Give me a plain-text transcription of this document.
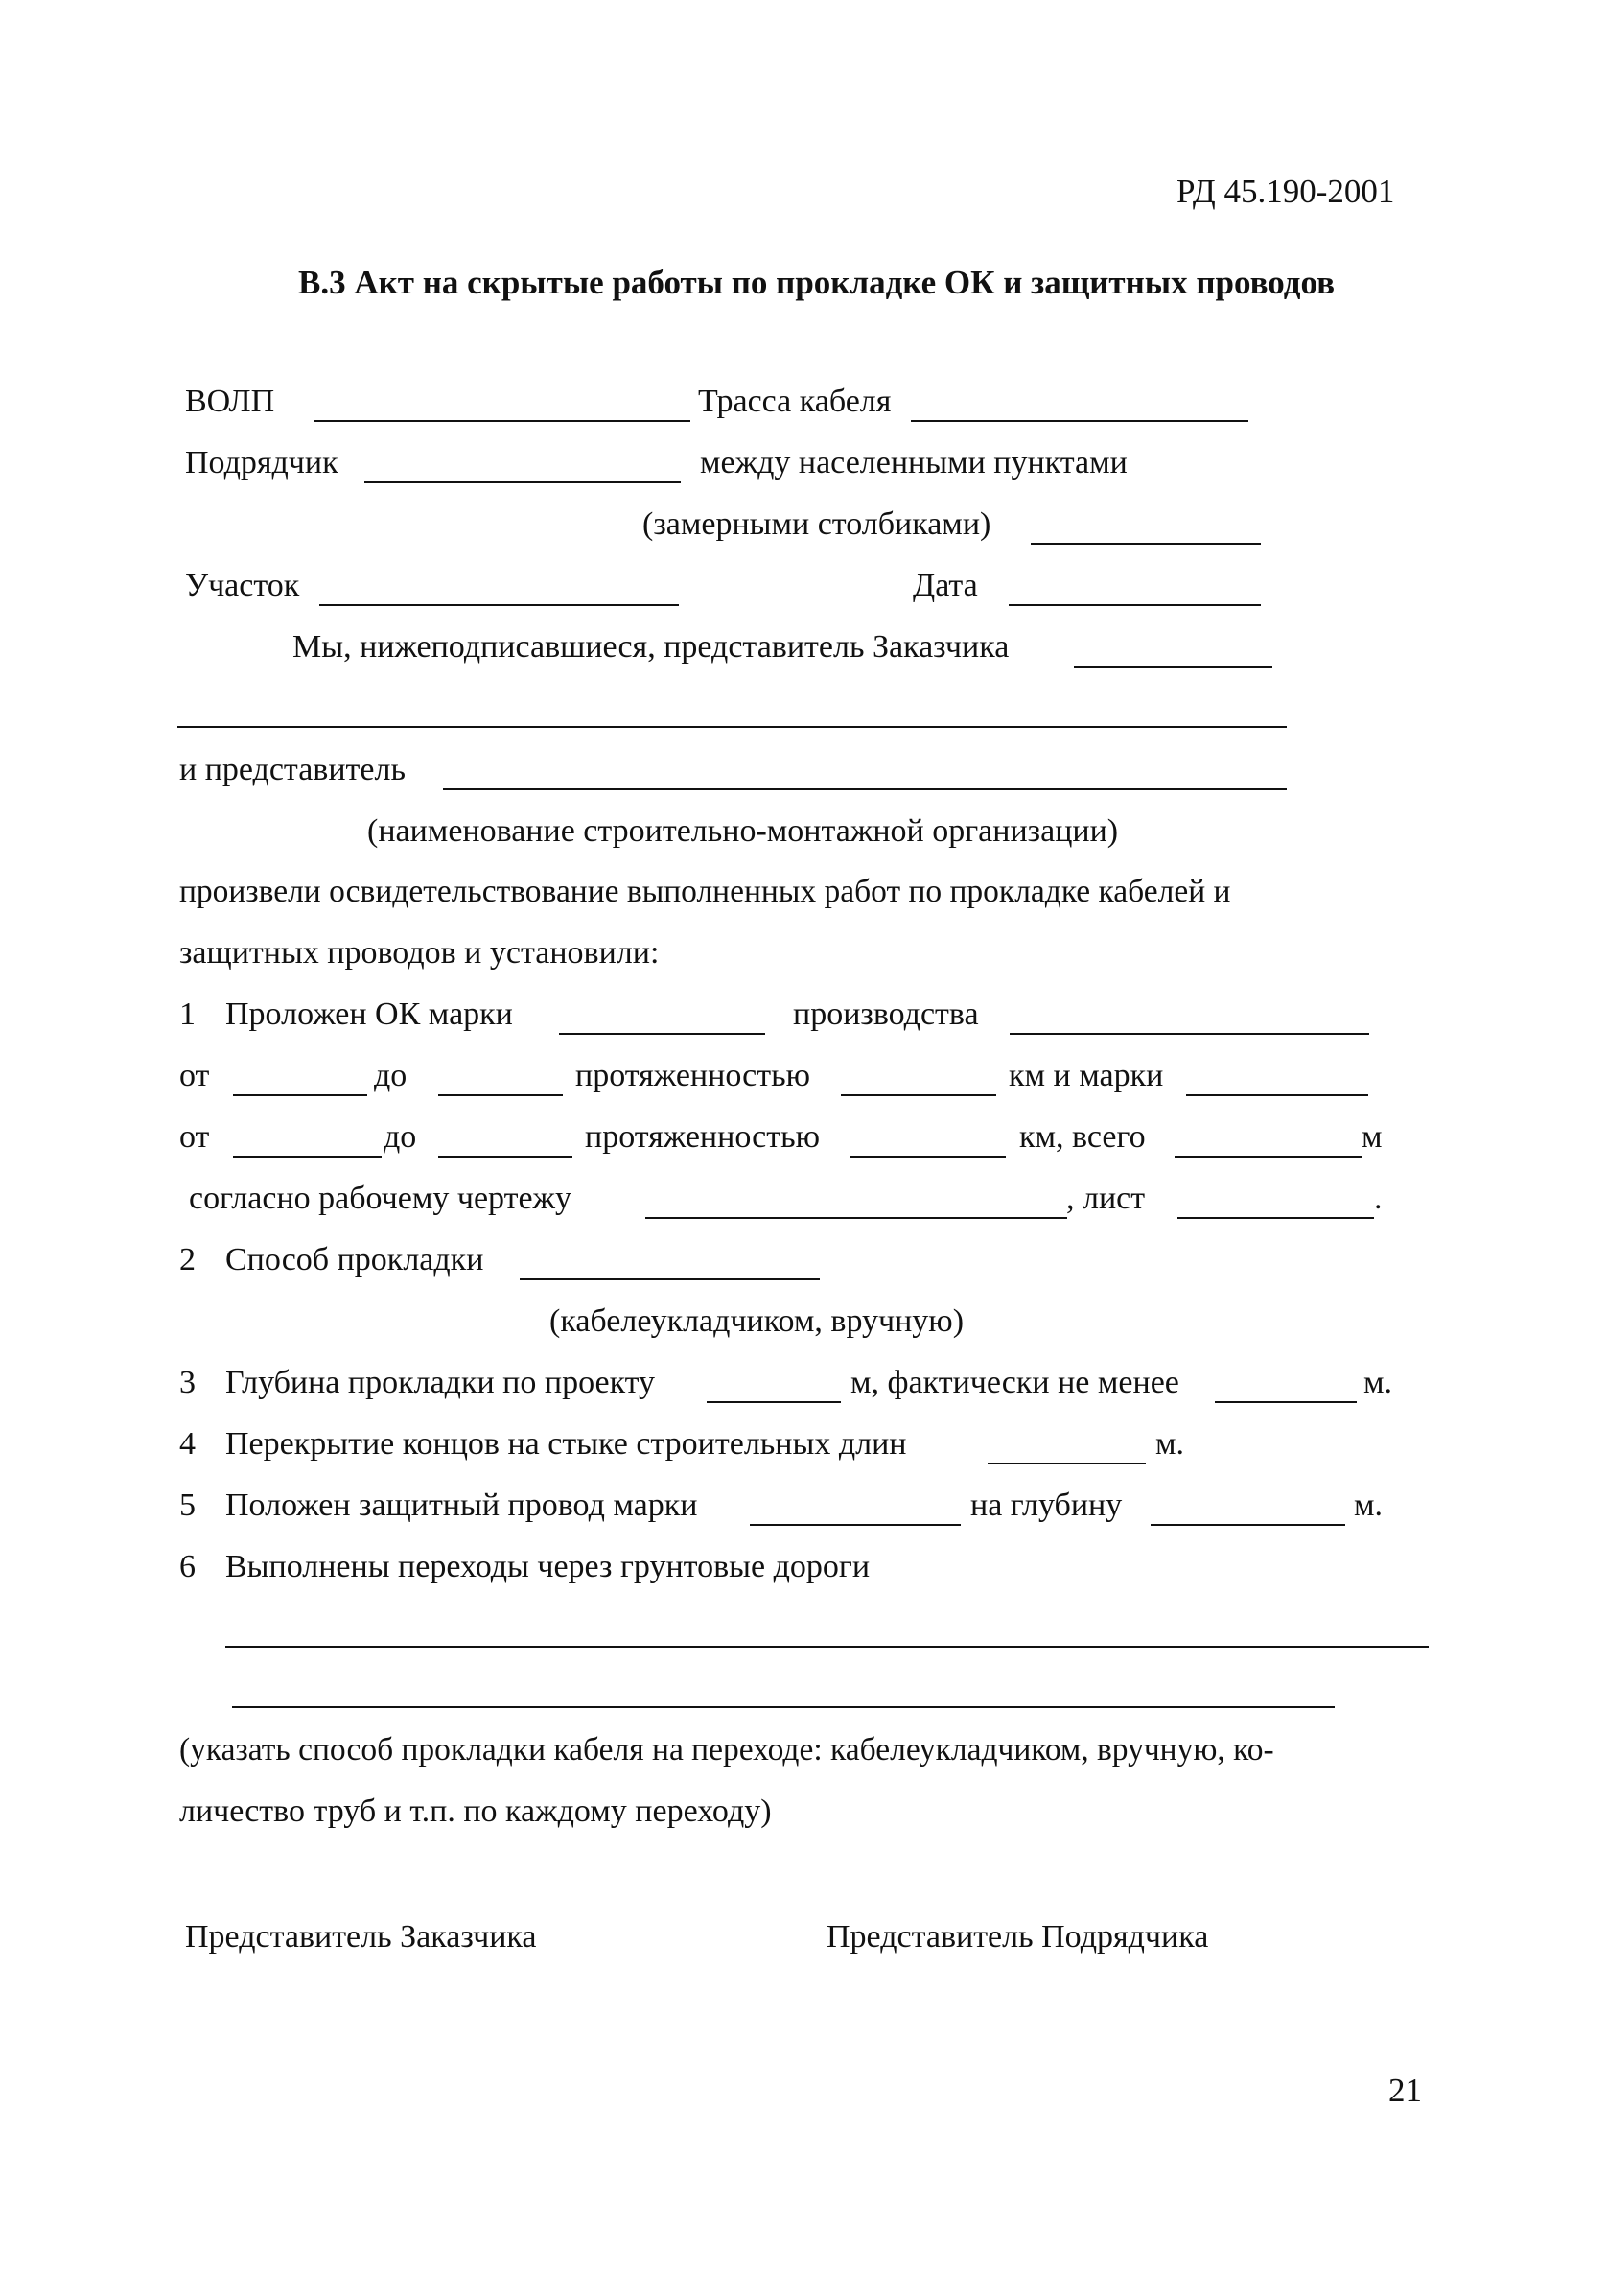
РД 45.190-2001
В.3 Акт на скрытые работы по прокладке ОК и защитных проводов
ВОЛП	Трасса кабеля
Подрядчик	между населенными пунктами
(замерными столбиками)
Участок	Дата
Мы, нижеподписавшиеся, представитель Заказчика
и представитель
(наименование строительно-монтажной организации)
произвели освидетельствование выполненных работ по прокладке кабелей и
защитных проводов и установили:
1 Проложен ОК марки	производства
от	до	протяженностью	км и марки
от	до	протяженностью	км, всего	м
согласно рабочему чертежу	, лист	.
2 Способ прокладки
(кабелеукладчиком, вручную)
3 Глубина прокладки по проекту	м, фактически не менее	м.
4 Перекрытие концов на стыке строительных длин	м.
5 Положен защитный провод марки	на глубину	м.
6 Выполнены переходы через грунтовые дороги
(указать способ прокладки кабеля на переходе: кабелеукладчиком, вручную, ко-
личество труб и т.п. по каждому переходу)
Представитель Заказчика	Представитель Подрядчика
21
